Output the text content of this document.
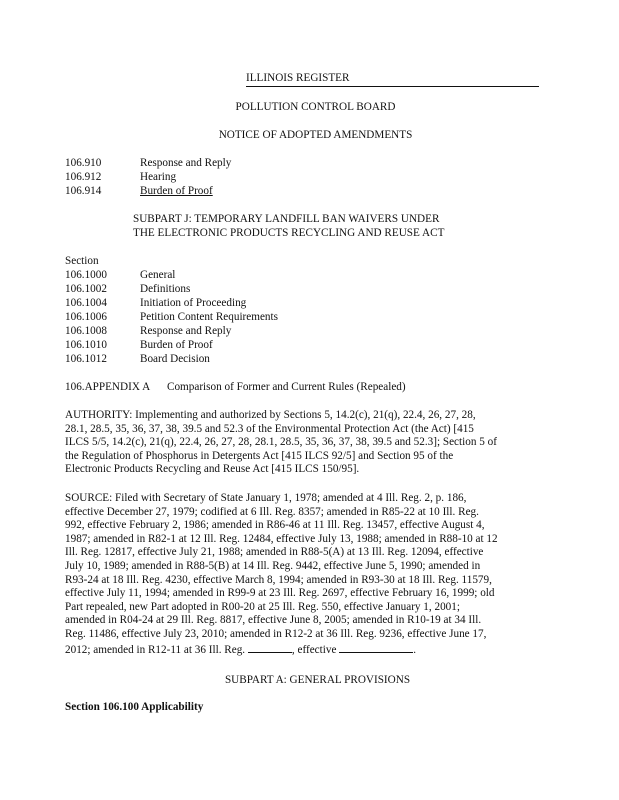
ILLINOIS REGISTER
POLLUTION CONTROL BOARD
NOTICE OF ADOPTED AMENDMENTS
106.910	Response and Reply
106.912	Hearing
106.914	Burden of Proof
SUBPART J: TEMPORARY LANDFILL BAN WAIVERS UNDER
THE ELECTRONIC PRODUCTS RECYCLING AND REUSE ACT
Section
106.1000	General
106.1002	Definitions
106.1004	Initiation of Proceeding
106.1006	Petition Content Requirements
106.1008	Response and Reply
106.1010	Burden of Proof
106.1012	Board Decision
106.APPENDIX A Comparison of Former and Current Rules (Repealed)
AUTHORITY: Implementing and authorized by Sections 5, 14.2(c), 21(q), 22.4, 26, 27, 28,
28.1, 28.5, 35, 36, 37, 38, 39.5 and 52.3 of the Environmental Protection Act (the Act) [415
ILCS 5/5, 14.2(c), 21(q), 22.4, 26, 27, 28, 28.1, 28.5, 35, 36, 37, 38, 39.5 and 52.3]; Section 5 of
the Regulation of Phosphorus in Detergents Act [415 ILCS 92/5] and Section 95 of the
Electronic Products Recycling and Reuse Act [415 ILCS 150/95].
SOURCE: Filed with Secretary of State January 1, 1978; amended at 4 Ill. Reg. 2, p. 186,
effective December 27, 1979; codified at 6 Ill. Reg. 8357; amended in R85-22 at 10 Ill. Reg.
992, effective February 2, 1986; amended in R86-46 at 11 Ill. Reg. 13457, effective August 4,
1987; amended in R82-1 at 12 Ill. Reg. 12484, effective July 13, 1988; amended in R88-10 at 12
Ill. Reg. 12817, effective July 21, 1988; amended in R88-5(A) at 13 Ill. Reg. 12094, effective
July 10, 1989; amended in R88-5(B) at 14 Ill. Reg. 9442, effective June 5, 1990; amended in
R93-24 at 18 Ill. Reg. 4230, effective March 8, 1994; amended in R93-30 at 18 Ill. Reg. 11579,
effective July 11, 1994; amended in R99-9 at 23 Ill. Reg. 2697, effective February 16, 1999; old
Part repealed, new Part adopted in R00-20 at 25 Ill. Reg. 550, effective January 1, 2001;
amended in R04-24 at 29 Ill. Reg. 8817, effective June 8, 2005; amended in R10-19 at 34 Ill.
Reg. 11486, effective July 23, 2010; amended in R12-2 at 36 Ill. Reg. 9236, effective June 17,
2012; amended in R12-11 at 36 Ill. Reg.	, effective	.
SUBPART A: GENERAL PROVISIONS
Section 106.100 Applicability
